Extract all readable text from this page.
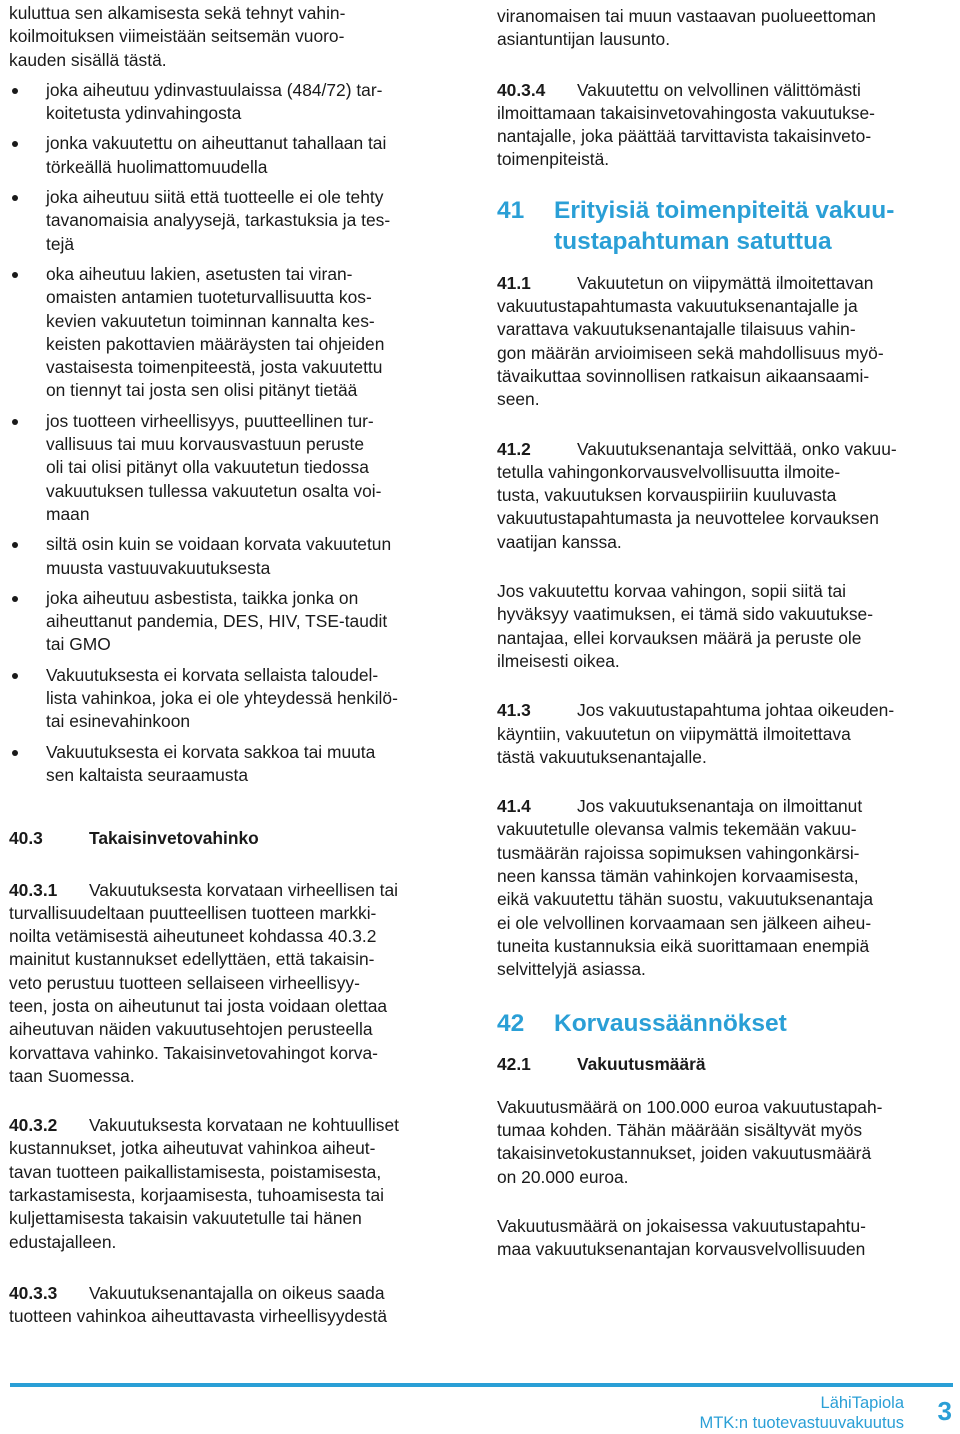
kuluttua sen alkamisesta sekä tehnyt vahin-
koilmoituksen viimeistään seitsemän vuoro-
kauden sisällä tästä.

joka aiheutuu ydinvastuulaissa (484/72) tar-
koitetusta ydinvahingosta
jonka vakuutettu on aiheuttanut tahallaan tai
törkeällä huolimattomuudella
joka aiheutuu siitä että tuotteelle ei ole tehty
tavanomaisia analyysejä, tarkastuksia ja tes-
tejä
oka aiheutuu lakien, asetusten tai viran-
omaisten antamien tuoteturvallisuutta kos-
kevien vakuutetun toiminnan kannalta kes-
keisten pakottavien määräysten tai ohjeiden
vastaisesta toimenpiteestä, josta vakuutettu
on tiennyt tai josta sen olisi pitänyt tietää
jos tuotteen virheellisyys, puutteellinen tur-
vallisuus tai muu korvausvastuun peruste
oli tai olisi pitänyt olla vakuutetun tiedossa
vakuutuksen tullessa vakuutetun osalta voi-
maan
siltä osin kuin se voidaan korvata vakuutetun
muusta vastuuvakuutuksesta
joka aiheutuu asbestista, taikka jonka on
aiheuttanut pandemia, DES, HIV, TSE-taudit
tai GMO
Vakuutuksesta ei korvata sellaista taloudel-
lista vahinkoa, joka ei ole yhteydessä henkilö-
tai esinevahinkoon
Vakuutuksesta ei korvata sakkoa tai muuta
sen kaltaista seuraamusta
40.3	Takaisinvetovahinko

40.3.1 Vakuutuksesta korvataan virheellisen tai
turvallisuudeltaan puutteellisen tuotteen markki-
noilta vetämisestä aiheutuneet kohdassa 40.3.2
mainitut kustannukset edellyttäen, että takaisin-
veto perustuu tuotteen sellaiseen virheellisyy-
teen, josta on aiheutunut tai josta voidaan olettaa
aiheutuvan näiden vakuutusehtojen perusteella
korvattava vahinko. Takaisinvetovahingot korva-
taan Suomessa.

40.3.2 Vakuutuksesta korvataan ne kohtuulliset
kustannukset, jotka aiheutuvat vahinkoa aiheut-
tavan tuotteen paikallistamisesta, poistamisesta,
tarkastamisesta, korjaamisesta, tuhoamisesta tai
kuljettamisesta takaisin vakuutetulle tai hänen
edustajalleen.

40.3.3 Vakuutuksenantajalla on oikeus saada
tuotteen vahinkoa aiheuttavasta virheellisyydestä

viranomaisen tai muun vastaavan puolueettoman
asiantuntijan lausunto.

40.3.4 Vakuutettu on velvollinen välittömästi
ilmoittamaan takaisinvetovahingosta vakuutukse-
nantajalle, joka päättää tarvittavista takaisinveto-
toimenpiteistä.

41 Erityisiä toimenpiteitä vakuu-
tustapahtuman satuttua

41.1	Vakuutetun on viipymättä ilmoitettavan
vakuutustapahtumasta vakuutuksenantajalle ja
varattava vakuutuksenantajalle tilaisuus vahin-
gon määrän arvioimiseen sekä mahdollisuus myö-
tävaikuttaa sovinnollisen ratkaisun aikaansaami-
seen.

41.2	Vakuutuksenantaja selvittää, onko vakuu-
tetulla vahingonkorvausvelvollisuutta ilmoite-
tusta, vakuutuksen korvauspiiriin kuuluvasta
vakuutustapahtumasta ja neuvottelee korvauksen
vaatijan kanssa.

Jos vakuutettu korvaa vahingon, sopii siitä tai
hyväksyy vaatimuksen, ei tämä sido vakuutukse-
nantajaa, ellei korvauksen määrä ja peruste ole
ilmeisesti oikea.

41.3	Jos vakuutustapahtuma johtaa oikeuden-
käyntiin, vakuutetun on viipymättä ilmoitettava
tästä vakuutuksenantajalle.

41.4	Jos vakuutuksenantaja on ilmoittanut
vakuutetulle olevansa valmis tekemään vakuu-
tusmäärän rajoissa sopimuksen vahingonkärsi-
neen kanssa tämän vahinkojen korvaamisesta,
eikä vakuutettu tähän suostu, vakuutuksenantaja
ei ole velvollinen korvaamaan sen jälkeen aiheu-
tuneita kustannuksia eikä suorittamaan enempiä
selvittelyjä asiassa.

42 Korvaussäännökset
42.1	Vakuutusmäärä

Vakuutusmäärä on 100.000 euroa vakuutustapah-
tumaa kohden. Tähän määrään sisältyvät myös
takaisinvetokustannukset, joiden vakuutusmäärä
on 20.000 euroa.

Vakuutusmäärä on jokaisessa vakuutustapahtu-
maa vakuutuksenantajan korvausvelvollisuuden

LähiTapiola
MTK:n tuotevastuuvakuutus 3
